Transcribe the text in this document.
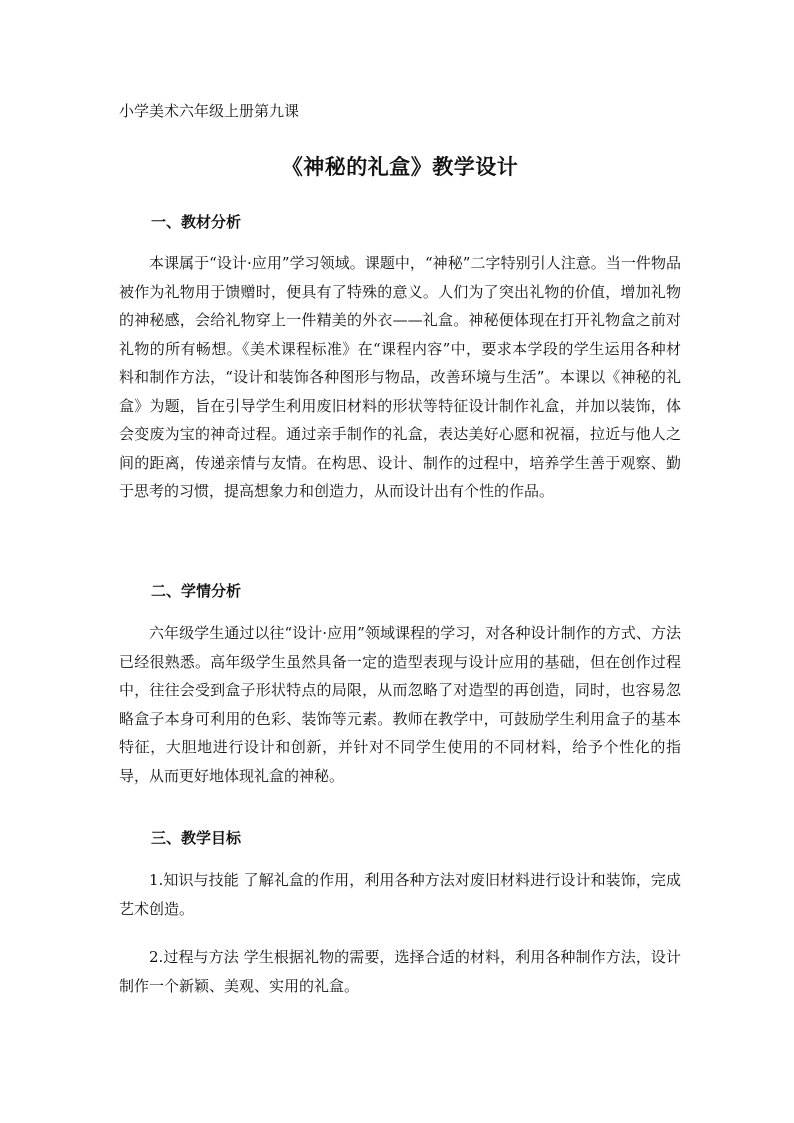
小学美术六年级上册第九课
《神秘的礼盒》教学设计
一、教材分析

本课属于“设计·应用”学习领域。课题中，“神秘”二字特别引人注意。当一件物品被作为礼物用于馈赠时，便具有了特殊的意义。人们为了突出礼物的价值，增加礼物的神秘感，会给礼物穿上一件精美的外衣——礼盒。神秘便体现在打开礼物盒之前对礼物的所有畅想。《美术课程标准》在“课程内容”中，要求本学段的学生运用各种材料和制作方法，“设计和装饰各种图形与物品，改善环境与生活”。本课以《神秘的礼盒》为题，旨在引导学生利用废旧材料的形状等特征设计制作礼盒，并加以装饰，体会变废为宝的神奇过程。通过亲手制作的礼盒，表达美好心愿和祝福，拉近与他人之间的距离，传递亲情与友情。在构思、设计、制作的过程中，培养学生善于观察、勤于思考的习惯，提高想象力和创造力，从而设计出有个性的作品。

二、学情分析

六年级学生通过以往“设计·应用”领域课程的学习，对各种设计制作的方式、方法已经很熟悉。高年级学生虽然具备一定的造型表现与设计应用的基础，但在创作过程中，往往会受到盒子形状特点的局限，从而忽略了对造型的再创造，同时，也容易忽略盒子本身可利用的色彩、装饰等元素。教师在教学中，可鼓励学生利用盒子的基本特征，大胆地进行设计和创新，并针对不同学生使用的不同材料，给予个性化的指导，从而更好地体现礼盒的神秘。

三、教学目标

1.知识与技能 了解礼盒的作用，利用各种方法对废旧材料进行设计和装饰，完成艺术创造。

2.过程与方法 学生根据礼物的需要，选择合适的材料，利用各种制作方法，设计制作一个新颖、美观、实用的礼盒。
